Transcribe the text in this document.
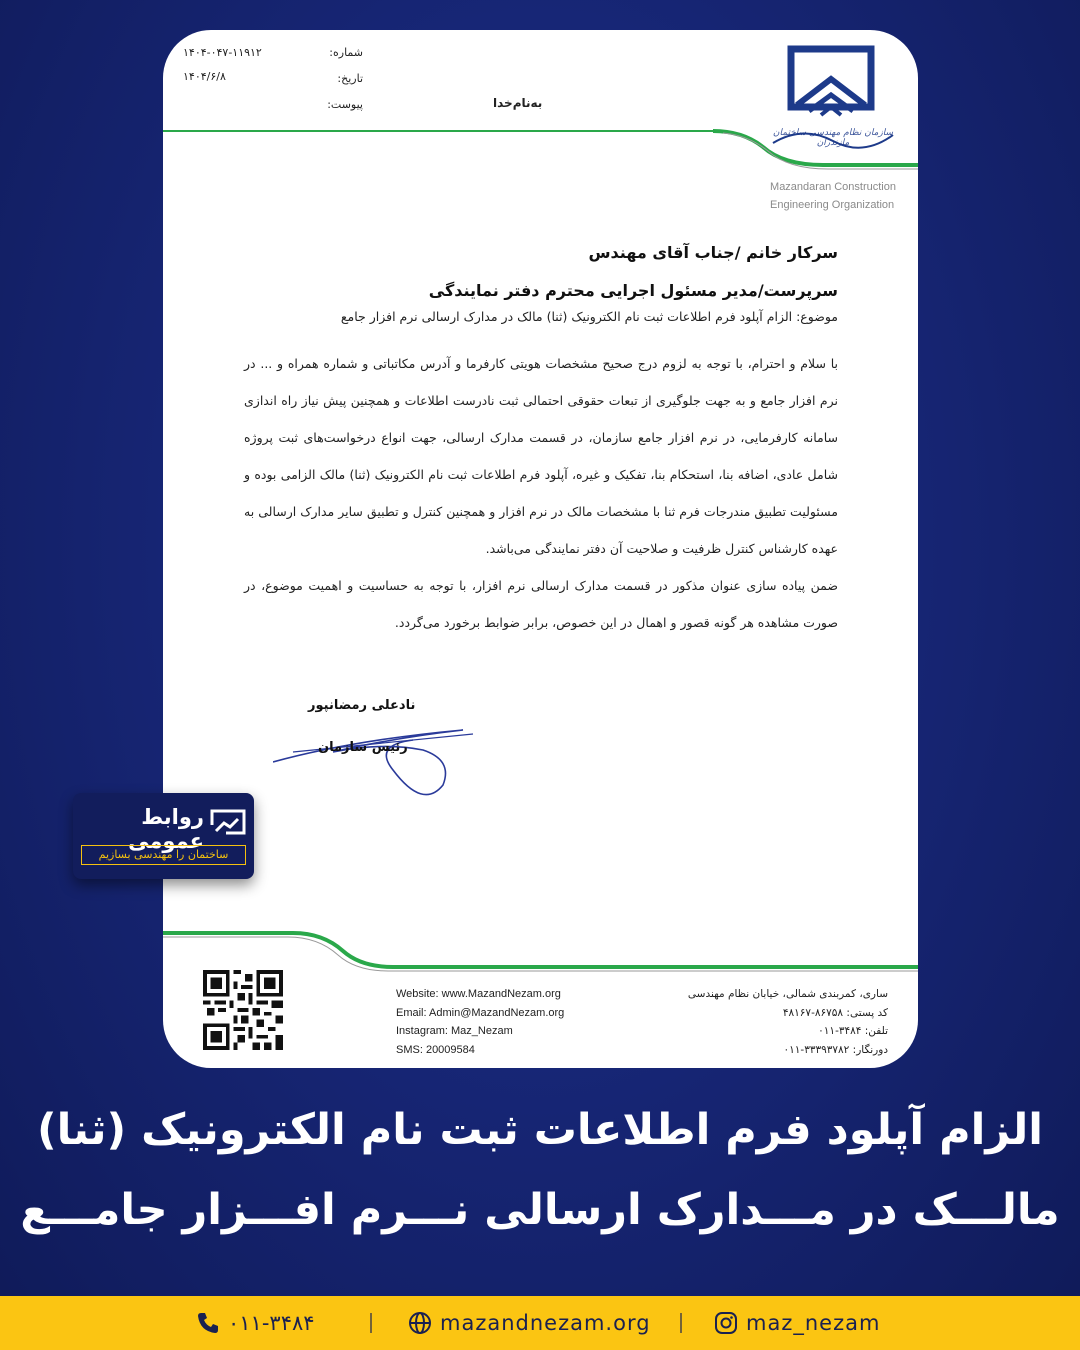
سازمان نظام مهندسی ساختمان مازندران
شماره:
۱۴۰۴-۰۴۷-۱۱۹۱۲
تاریخ:
۱۴۰۴/۶/۸
پیوست:	به‌نام‌خدا
Mazandaran Construction
Engineering Organization
سرکار خانم /جناب آقای مهندس
سرپرست/مدیر مسئول اجرایی محترم دفتر نمایندگی
موضوع: الزام آپلود فرم اطلاعات ثبت نام الکترونیک (ثنا) مالک در مدارک ارسالی نرم افزار جامع

با سلام و احترام، با توجه به لزوم درج صحیح مشخصات هویتی کارفرما و آدرس مکاتباتی و شماره همراه و ... در نرم افزار جامع و به جهت جلوگیری از تبعات حقوقی احتمالی ثبت نادرست اطلاعات و همچنین پیش نیاز راه اندازی سامانه کارفرمایی، در نرم افزار جامع سازمان، در قسمت مدارک ارسالی، جهت انواع درخواست‌های ثبت پروژه شامل عادی، اضافه بنا، استحکام بنا، تفکیک و غیره، آپلود فرم اطلاعات ثبت نام الکترونیک (ثنا) مالک الزامی بوده و مسئولیت تطبیق مندرجات فرم ثنا با مشخصات مالک در نرم افزار و همچنین کنترل و تطبیق سایر مدارک ارسالی به عهده کارشناس کنترل ظرفیت و صلاحیت آن دفتر نمایندگی می‌باشد.

ضمن پیاده سازی عنوان مذکور در قسمت مدارک ارسالی نرم افزار، با توجه به حساسیت و اهمیت موضوع، در صورت مشاهده هر گونه قصور و اهمال در این خصوص، برابر ضوابط برخورد می‌گردد.

نادعلی رمضانپور
رئیس سازمان
Website: www.MazandNezam.org
Email: Admin@MazandNezam.org
Instagram: Maz_Nezam
SMS: 20009584
ساری، کمربندی شمالی، خیابان نظام مهندسی
کد پستی: ۸۶۷۵۸-۴۸۱۶۷
تلفن: ۳۴۸۴-۰۱۱
دورنگار: ۳۳۳۹۳۷۸۲-۰۱۱
روابط عمومی
ساختمان را مهندسی بسازیم
الزام آپلود فرم اطلاعات ثبت نام الکترونیک (ثنا)
مالـــک در مـــدارک ارسالی نـــرم افـــزار جامـــع
۰۱۱-۳۴۸۴	mazandnezam.org	maz_nezam
